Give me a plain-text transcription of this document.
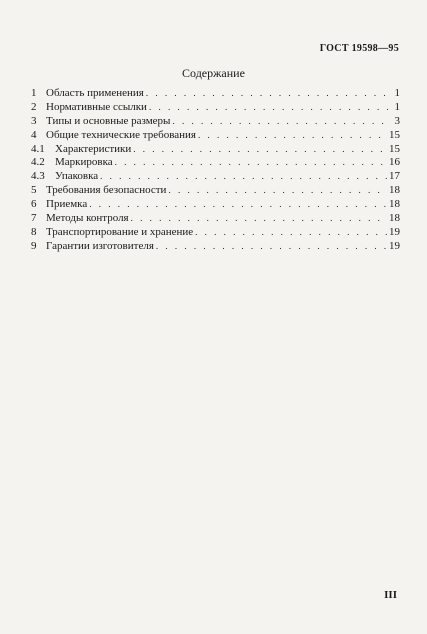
ГОСТ 19598—95
Содержание
1 Область применения . . .	1
2 Нормативные ссылки . . .	1
3 Типы и основные размеры . . .	3
4 Общие технические требования . . .	15
4.1 Характеристики . . .	15
4.2 Маркировка . . .	16
4.3 Упаковка . . .	17
5 Требования безопасности . . .	18
6 Приемка . . .	18
7 Методы контроля . . .	18
8 Транспортирование и хранение . . .	19
9 Гарантии изготовителя . . .	19
III
